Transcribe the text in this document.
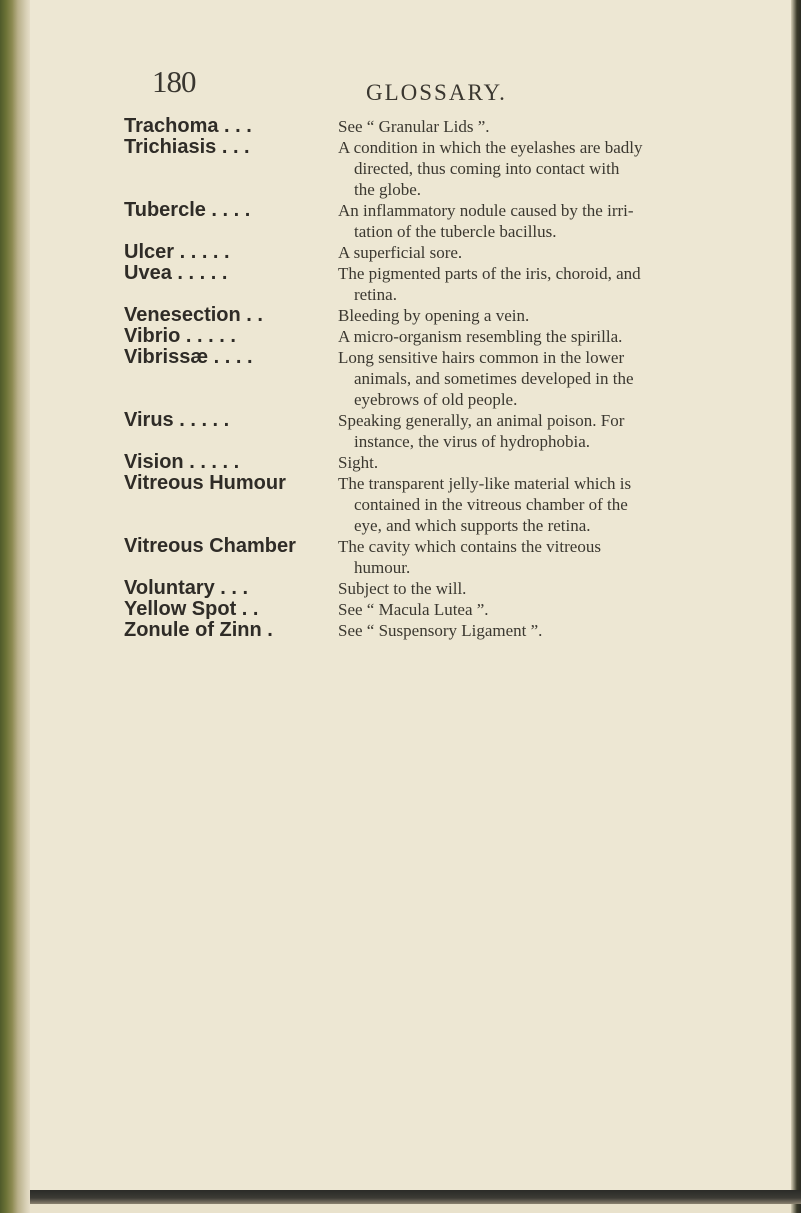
180	GLOSSARY.
Trachoma . . .	See “ Granular Lids ”.
Trichiasis . . .	A condition in which the eyelashes are badly
directed, thus coming into contact with
the globe.
Tubercle . . . .	An inflammatory nodule caused by the irri-
tation of the tubercle bacillus.
Ulcer . . . . .	A superficial sore.
Uvea . . . . .	The pigmented parts of the iris, choroid, and
retina.
Venesection . .	Bleeding by opening a vein.
Vibrio . . . . .	A micro-organism resembling the spirilla.
Vibrissæ . . . .	Long sensitive hairs common in the lower
animals, and sometimes developed in the
eyebrows of old people.
Virus . . . . .	Speaking generally, an animal poison. For
instance, the virus of hydrophobia.
Vision . . . . .	Sight.
Vitreous Humour	The transparent jelly-like material which is
contained in the vitreous chamber of the
eye, and which supports the retina.
Vitreous Chamber	The cavity which contains the vitreous
humour.
Voluntary . . .	Subject to the will.
Yellow Spot . .	See “ Macula Lutea ”.
Zonule of Zinn .	See “ Suspensory Ligament ”.
